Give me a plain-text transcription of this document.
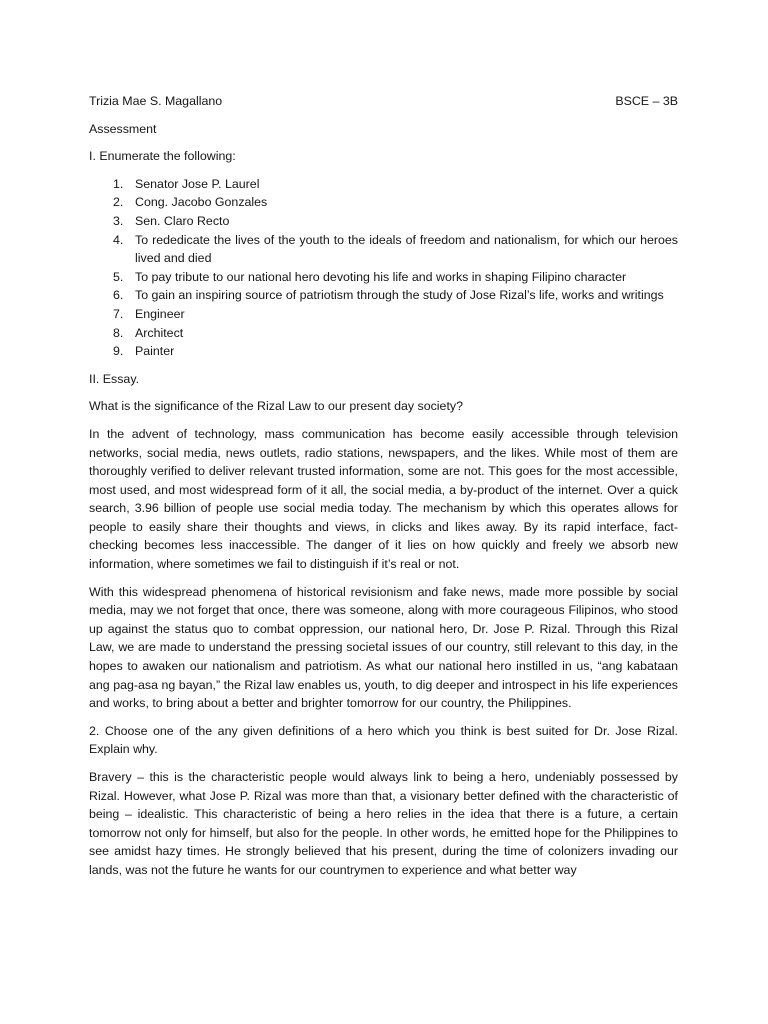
Trizia Mae S. Magallano	BSCE – 3B
Assessment
I. Enumerate the following:
1. Senator Jose P. Laurel
2. Cong. Jacobo Gonzales
3. Sen. Claro Recto
4. To rededicate the lives of the youth to the ideals of freedom and nationalism, for which our heroes lived and died
5. To pay tribute to our national hero devoting his life and works in shaping Filipino character
6. To gain an inspiring source of patriotism through the study of Jose Rizal’s life, works and writings
7. Engineer
8. Architect
9. Painter
II. Essay.
What is the significance of the Rizal Law to our present day society?
In the advent of technology, mass communication has become easily accessible through television networks, social media, news outlets, radio stations, newspapers, and the likes. While most of them are thoroughly verified to deliver relevant trusted information, some are not. This goes for the most accessible, most used, and most widespread form of it all, the social media, a by-product of the internet. Over a quick search, 3.96 billion of people use social media today. The mechanism by which this operates allows for people to easily share their thoughts and views, in clicks and likes away. By its rapid interface, fact-checking becomes less inaccessible. The danger of it lies on how quickly and freely we absorb new information, where sometimes we fail to distinguish if it’s real or not.
With this widespread phenomena of historical revisionism and fake news, made more possible by social media, may we not forget that once, there was someone, along with more courageous Filipinos, who stood up against the status quo to combat oppression, our national hero, Dr. Jose P. Rizal. Through this Rizal Law, we are made to understand the pressing societal issues of our country, still relevant to this day, in the hopes to awaken our nationalism and patriotism. As what our national hero instilled in us, “ang kabataan ang pag-asa ng bayan,” the Rizal law enables us, youth, to dig deeper and introspect in his life experiences and works, to bring about a better and brighter tomorrow for our country, the Philippines.
2. Choose one of the any given definitions of a hero which you think is best suited for Dr. Jose Rizal. Explain why.
Bravery – this is the characteristic people would always link to being a hero, undeniably possessed by Rizal. However, what Jose P. Rizal was more than that, a visionary better defined with the characteristic of being – idealistic. This characteristic of being a hero relies in the idea that there is a future, a certain tomorrow not only for himself, but also for the people. In other words, he emitted hope for the Philippines to see amidst hazy times. He strongly believed that his present, during the time of colonizers invading our lands, was not the future he wants for our countrymen to experience and what better way
